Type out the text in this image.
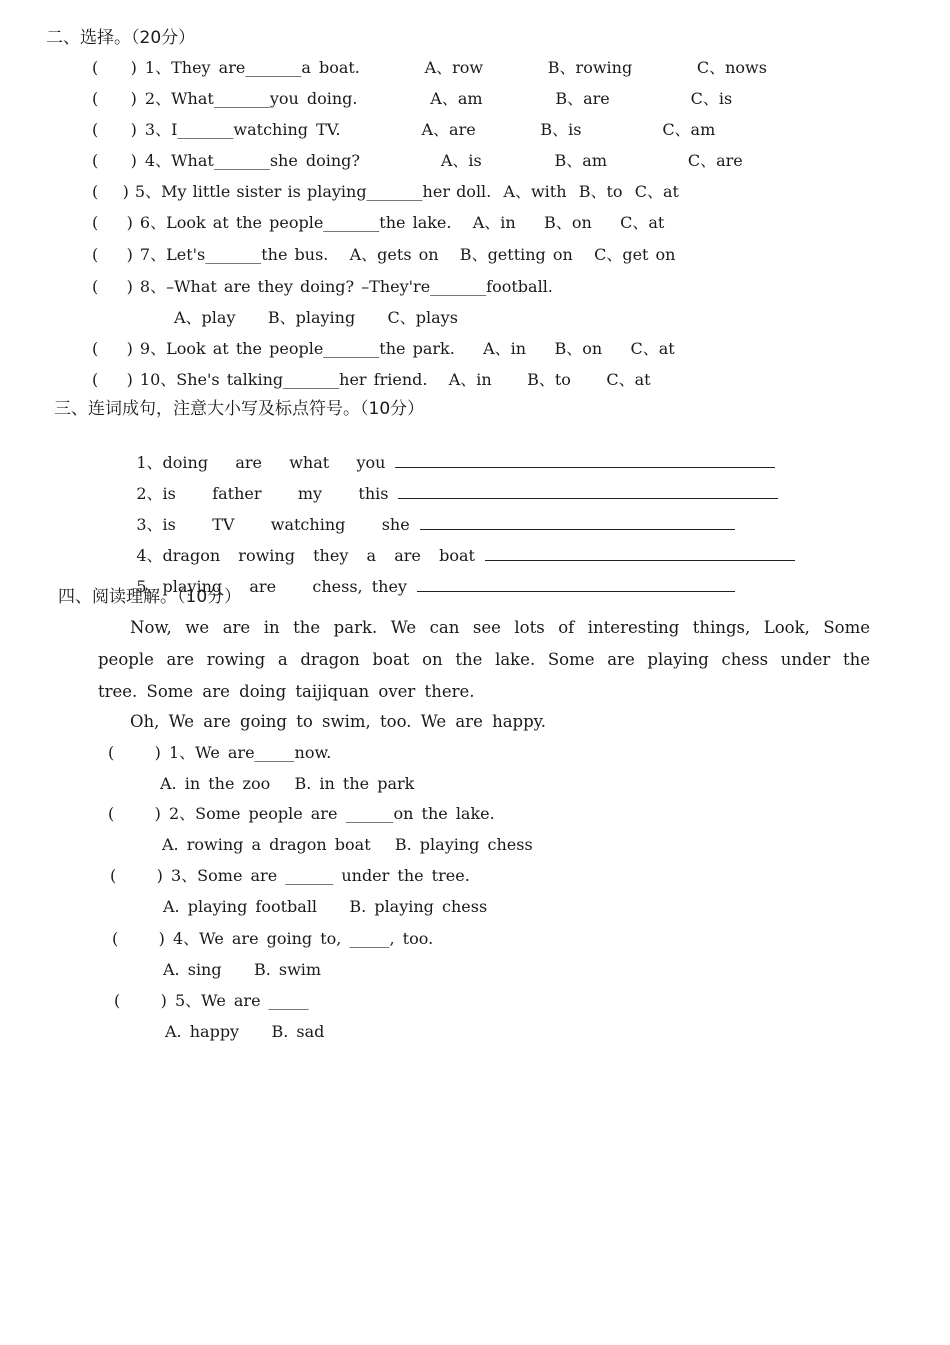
二、选择。（20分）
(    ) 1、They are_______a boat.        A、row        B、rowing        C、nows
(    ) 2、What_______you doing.         A、am         B、are          C、is
(    ) 3、I_______watching TV.          A、are        B、is          C、am
(    ) 4、What_______she doing?          A、is         B、am          C、are
(    ) 5、My little sister is playing_______her doll.  A、with  B、to  C、at
(    ) 6、Look at the people_______the lake.   A、in    B、on    C、at
(    ) 7、Let's_______the bus.   A、gets on   B、getting on   C、get on
(    ) 8、–What are they doing? –They're_______football.
A、play    B、playing    C、plays
(    ) 9、Look at the people_______the park.    A、in    B、on    C、at
(    ) 10、She's talking_______her friend.   A、in     B、to     C、at
三、连词成句，注意大小写及标点符号。（10分）

1、doing   are   what   you

2、is    father    my    this

3、is    TV    watching    she

4、dragon  rowing  they  a  are  boat

5、playing   are    chess, they

四、阅读理解。（10分）
Now, we are in the park. We can see lots of interesting things, Look, Some people are rowing a dragon boat on the lake. Some are playing chess under the tree. Some are doing taijiquan over there.
Oh, We are going to swim, too. We are happy.
(     ) 1、We are_____now.
A. in the zoo   B. in the park
(     ) 2、Some people are ______on the lake.
A. rowing a dragon boat   B. playing chess
(     ) 3、Some are ______ under the tree.
A. playing football    B. playing chess
(     ) 4、We are going to, _____, too.
A. sing    B. swim
(     ) 5、We are _____
A. happy    B. sad
